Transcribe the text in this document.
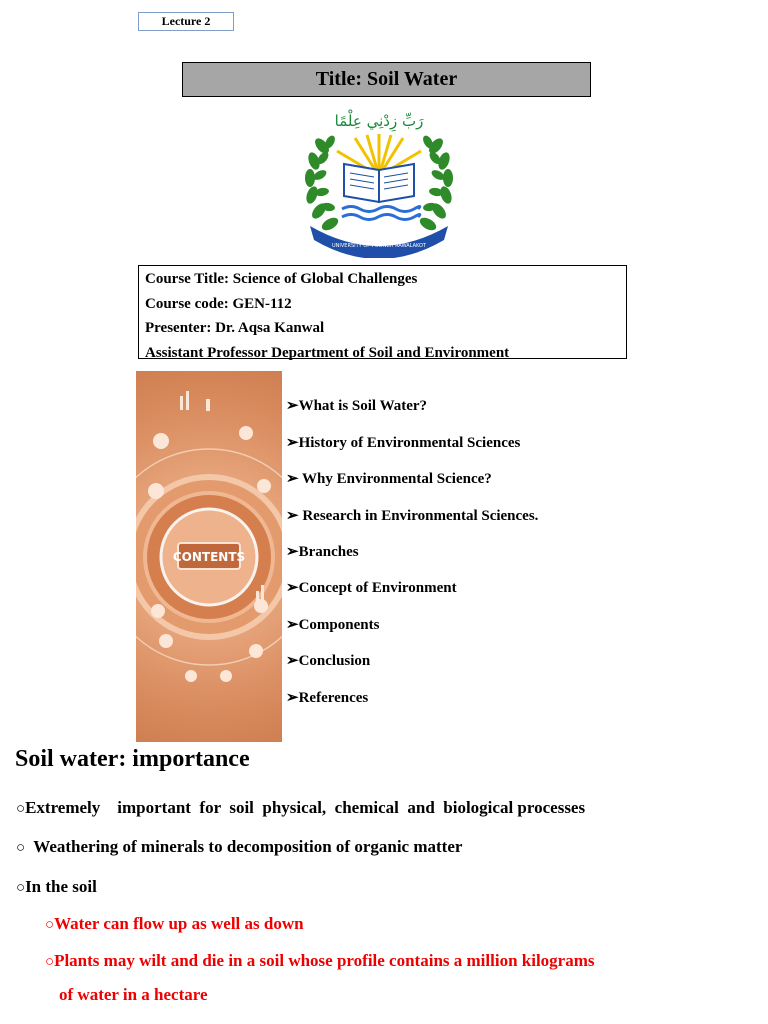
Lecture 2
Title: Soil Water
رَبِّ زِدْنِي عِلْمًا
UNIVERSITY OF POONCH RAWALAKOT
Course Title: Science of Global Challenges
Course code: GEN-112
Presenter: Dr. Aqsa Kanwal
Assistant Professor Department of Soil and Environment
CONTENTS
➢What is Soil Water?
➢History of Environmental Sciences
➢ Why Environmental Science?
➢ Research in Environmental Sciences.
➢Branches
➢Concept of Environment
➢Components
➢Conclusion
➢References
Soil water: importance
○Extremely    important  for  soil  physical,  chemical  and  biological processes
○  Weathering of minerals to decomposition of organic matter
○In the soil
○Water can flow up as well as down
○Plants may wilt and die in a soil whose profile contains a million kilograms
of water in a hectare
